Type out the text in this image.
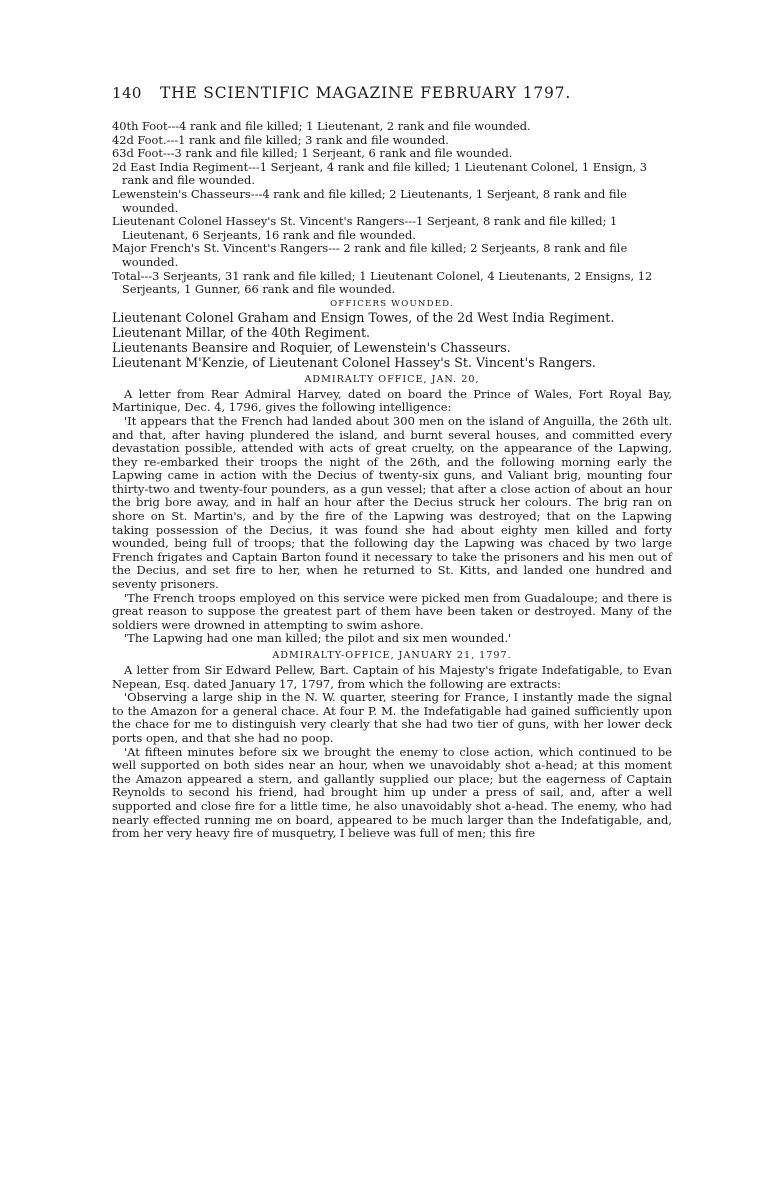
140	THE SCIENTIFIC MAGAZINE FEBRUARY 1797.

40th Foot---4 rank and file killed; 1 Lieutenant, 2 rank and file wounded.

42d Foot.---1 rank and file killed; 3 rank and file wounded.

63d Foot---3 rank and file killed; 1 Serjeant, 6 rank and file wounded.

2d East India Regiment---1 Serjeant, 4 rank and file killed; 1 Lieutenant Colonel, 1 Ensign, 3 rank and file wounded.

Lewenstein's Chasseurs---4 rank and file killed; 2 Lieutenants, 1 Serjeant, 8 rank and file wounded.

Lieutenant Colonel Hassey's St. Vincent's Rangers---1 Serjeant, 8 rank and file killed; 1 Lieutenant, 6 Serjeants, 16 rank and file wounded.

Major French's St. Vincent's Rangers--- 2 rank and file killed; 2 Serjeants, 8 rank and file wounded.

Total---3 Serjeants, 31 rank and file killed; 1 Lieutenant Colonel, 4 Lieutenants, 2 Ensigns, 12 Serjeants, 1 Gunner, 66 rank and file wounded.

OFFICERS WOUNDED.

Lieutenant Colonel Graham and Ensign Towes, of the 2d West India Regiment.

Lieutenant Millar, of the 40th Regiment.

Lieutenants Beansire and Roquier, of Lewenstein's Chasseurs.

Lieutenant M'Kenzie, of Lieutenant Colonel Hassey's St. Vincent's Rangers.

ADMIRALTY OFFICE, JAN. 20,

A letter from Rear Admiral Harvey, dated on board the Prince of Wales, Fort Royal Bay, Martinique, Dec. 4, 1796, gives the following intelligence:

'It appears that the French had landed about 300 men on the island of Anguilla, the 26th ult. and that, after having plundered the island, and burnt several houses, and committed every devastation possible, attended with acts of great cruelty, on the appearance of the Lapwing, they re-embarked their troops the night of the 26th, and the following morning early the Lapwing came in action with the Decius of twenty-six guns, and Valiant brig, mounting four thirty-two and twenty-four pounders, as a gun vessel; that after a close action of about an hour the brig bore away, and in half an hour after the Decius struck her colours. The brig ran on shore on St. Martin's, and by the fire of the Lapwing was destroyed; that on the Lapwing taking possession of the Decius, it was found she had about eighty men killed and forty wounded, being full of troops; that the following day the Lapwing was chaced by two large French frigates and Captain Barton found it necessary to take the prisoners and his men out of the Decius, and set fire to her, when he returned to St. Kitts, and landed one hundred and seventy prisoners.

'The French troops employed on this service were picked men from Guadaloupe; and there is great reason to suppose the greatest part of them have been taken or destroyed. Many of the soldiers were drowned in attempting to swim ashore.

'The Lapwing had one man killed; the pilot and six men wounded.'

ADMIRALTY-OFFICE, JANUARY 21, 1797.

A letter from Sir Edward Pellew, Bart. Captain of his Majesty's frigate Indefatigable, to Evan Nepean, Esq. dated January 17, 1797, from which the following are extracts:

'Observing a large ship in the N. W. quarter, steering for France, I instantly made the signal to the Amazon for a general chace. At four P. M. the Indefatigable had gained sufficiently upon the chace for me to distinguish very clearly that she had two tier of guns, with her lower deck ports open, and that she had no poop.

'At fifteen minutes before six we brought the enemy to close action, which continued to be well supported on both sides near an hour, when we unavoidably shot a-head; at this moment the Amazon appeared a stern, and gallantly supplied our place; but the eagerness of Captain Reynolds to second his friend, had brought him up under a press of sail, and, after a well supported and close fire for a little time, he also unavoidably shot a-head. The enemy, who had nearly effected running me on board, appeared to be much larger than the Indefatigable, and, from her very heavy fire of musquetry, I believe was full of men; this fire
